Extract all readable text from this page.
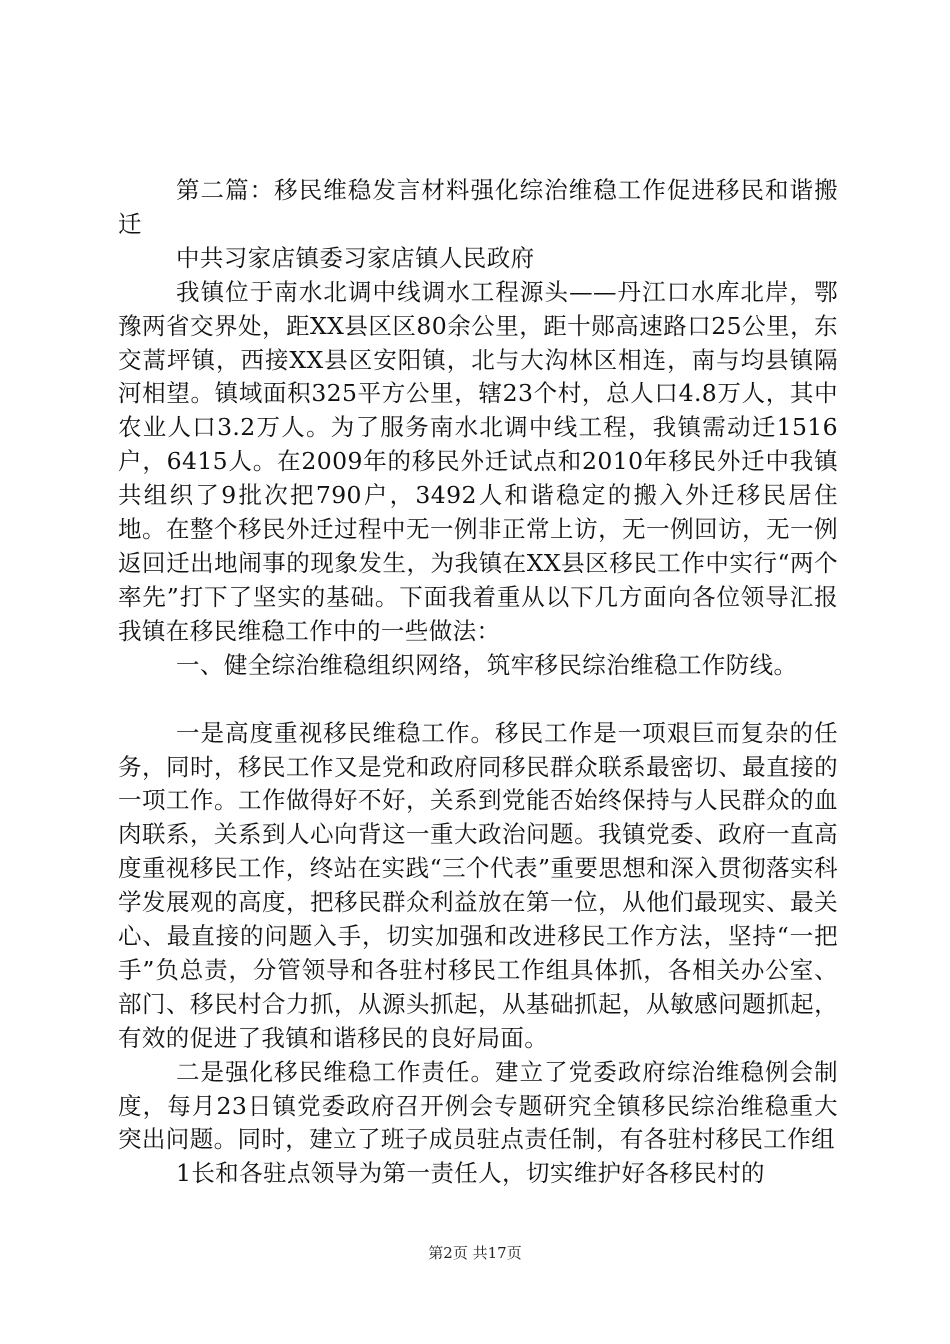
第二篇：移民维稳发言材料强化综治维稳工作促进移民和谐搬迁

中共习家店镇委习家店镇人民政府

我镇位于南水北调中线调水工程源头——丹江口水库北岸，鄂豫两省交界处，距XX县区区80余公里，距十郧高速路口25公里，东交蒿坪镇，西接XX县区安阳镇，北与大沟林区相连，南与均县镇隔河相望。镇域面积325平方公里，辖23个村，总人口4.8万人，其中农业人口3.2万人。为了服务南水北调中线工程，我镇需动迁1516户，6415人。在2009年的移民外迁试点和2010年移民外迁中我镇共组织了9批次把790户，3492人和谐稳定的搬入外迁移民居住地。在整个移民外迁过程中无一例非正常上访，无一例回访，无一例返回迁出地闹事的现象发生，为我镇在XX县区移民工作中实行“两个率先”打下了坚实的基础。下面我着重从以下几方面向各位领导汇报我镇在移民维稳工作中的一些做法：

一、健全综治维稳组织网络，筑牢移民综治维稳工作防线。

一是高度重视移民维稳工作。移民工作是一项艰巨而复杂的任务，同时，移民工作又是党和政府同移民群众联系最密切、最直接的一项工作。工作做得好不好，关系到党能否始终保持与人民群众的血肉联系，关系到人心向背这一重大政治问题。我镇党委、政府一直高度重视移民工作，终站在实践“三个代表”重要思想和深入贯彻落实科学发展观的高度，把移民群众利益放在第一位，从他们最现实、最关心、最直接的问题入手，切实加强和改进移民工作方法，坚持“一把手”负总责，分管领导和各驻村移民工作组具体抓，各相关办公室、部门、移民村合力抓，从源头抓起，从基础抓起，从敏感问题抓起，有效的促进了我镇和谐移民的良好局面。

二是强化移民维稳工作责任。建立了党委政府综治维稳例会制度，每月23日镇党委政府召开例会专题研究全镇移民综治维稳重大突出问题。同时，建立了班子成员驻点责任制，有各驻村移民工作组

1长和各驻点领导为第一责任人，切实维护好各移民村的

第2页 共17页
